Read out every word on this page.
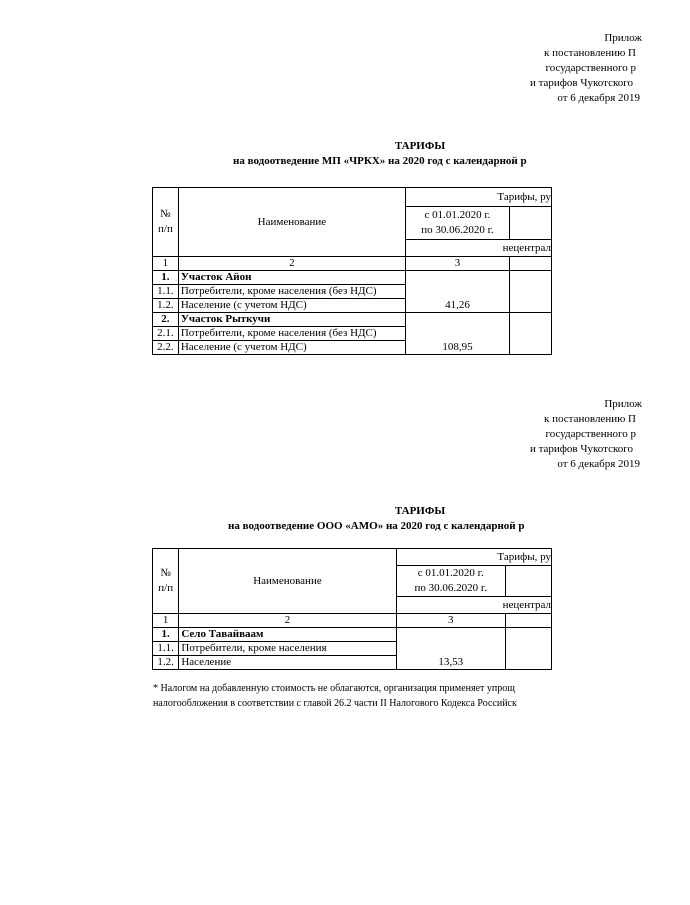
Прилож
к постановлению П
государственного р
и тарифов Чукотского
от 6 декабря 2019
ТАРИФЫ
на водоотведение МП «ЧРКХ» на 2020 год с календарной р
№ п/п	Наименование	Тарифы, ру	
		с 01.01.2020 г.
по 30.06.2020 г.	
		нецентрал	
1	2	3	
1.	Участок Айон	41,26	
1.1.	Потребители, кроме населения (без НДС)		
1.2.	Население (с учетом НДС)		
2.	Участок Рыткучи	108,95	
2.1.	Потребители, кроме населения (без НДС)		
2.2.	Население (с учетом НДС)		
Прилож
к постановлению П
государственного р
и тарифов Чукотского
от 6 декабря 2019
ТАРИФЫ
на водоотведение ООО «АМО» на 2020 год с календарной р
№ п/п	Наименование	Тарифы, ру	
		с 01.01.2020 г.
по 30.06.2020 г.	
		нецентрал	
1	2	3	
1.	Село Тавайваам	13,53	
1.1.	Потребители, кроме населения		
1.2.	Население		
* Налогом на добавленную стоимость не облагаются, организация применяет упрощ
налогообложения в соответствии с главой 26.2 части II Налогового Кодекса Российск
